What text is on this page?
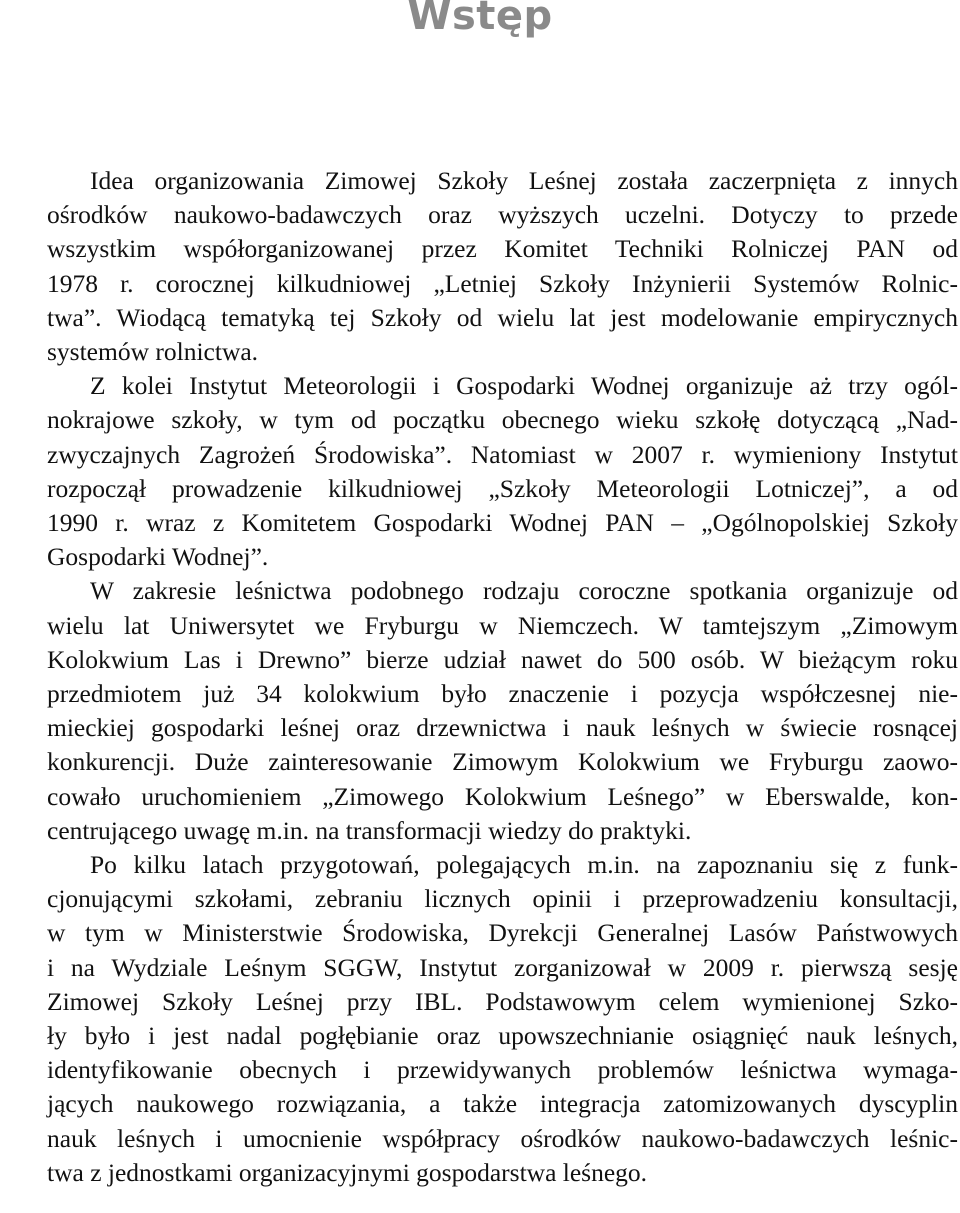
Wstęp
Idea organizowania Zimowej Szkoły Leśnej została zaczerpnięta z innych
ośrodków naukowo-badawczych oraz wyższych uczelni. Dotyczy to przede
wszystkim współorganizowanej przez Komitet Techniki Rolniczej PAN od
1978 r. corocznej kilkudniowej „Letniej Szkoły Inżynierii Systemów Rolnic-
twa”. Wiodącą tematyką tej Szkoły od wielu lat jest modelowanie empirycznych
systemów rolnictwa.
Z kolei Instytut Meteorologii i Gospodarki Wodnej organizuje aż trzy ogól-
nokrajowe szkoły, w tym od początku obecnego wieku szkołę dotyczącą „Nad-
zwyczajnych Zagrożeń Środowiska”. Natomiast w 2007 r. wymieniony Instytut
rozpoczął prowadzenie kilkudniowej „Szkoły Meteorologii Lotniczej”, a od
1990 r. wraz z Komitetem Gospodarki Wodnej PAN – „Ogólnopolskiej Szkoły
Gospodarki Wodnej”.
W zakresie leśnictwa podobnego rodzaju coroczne spotkania organizuje od
wielu lat Uniwersytet we Fryburgu w Niemczech. W tamtejszym „Zimowym
Kolokwium Las i Drewno” bierze udział nawet do 500 osób. W bieżącym roku
przedmiotem już 34 kolokwium było znaczenie i pozycja współczesnej nie-
mieckiej gospodarki leśnej oraz drzewnictwa i nauk leśnych w świecie rosnącej
konkurencji. Duże zainteresowanie Zimowym Kolokwium we Fryburgu zaowo-
cowało uruchomieniem „Zimowego Kolokwium Leśnego” w Eberswalde, kon-
centrującego uwagę m.in. na transformacji wiedzy do praktyki.
Po kilku latach przygotowań, polegających m.in. na zapoznaniu się z funk-
cjonującymi szkołami, zebraniu licznych opinii i przeprowadzeniu konsultacji,
w tym w Ministerstwie Środowiska, Dyrekcji Generalnej Lasów Państwowych
i na Wydziale Leśnym SGGW, Instytut zorganizował w 2009 r. pierwszą sesję
Zimowej Szkoły Leśnej przy IBL. Podstawowym celem wymienionej Szko-
ły było i jest nadal pogłębianie oraz upowszechnianie osiągnięć nauk leśnych,
identyfikowanie obecnych i przewidywanych problemów leśnictwa wymaga-
jących naukowego rozwiązania, a także integracja zatomizowanych dyscyplin
nauk leśnych i umocnienie współpracy ośrodków naukowo-badawczych leśnic-
twa z jednostkami organizacyjnymi gospodarstwa leśnego.
